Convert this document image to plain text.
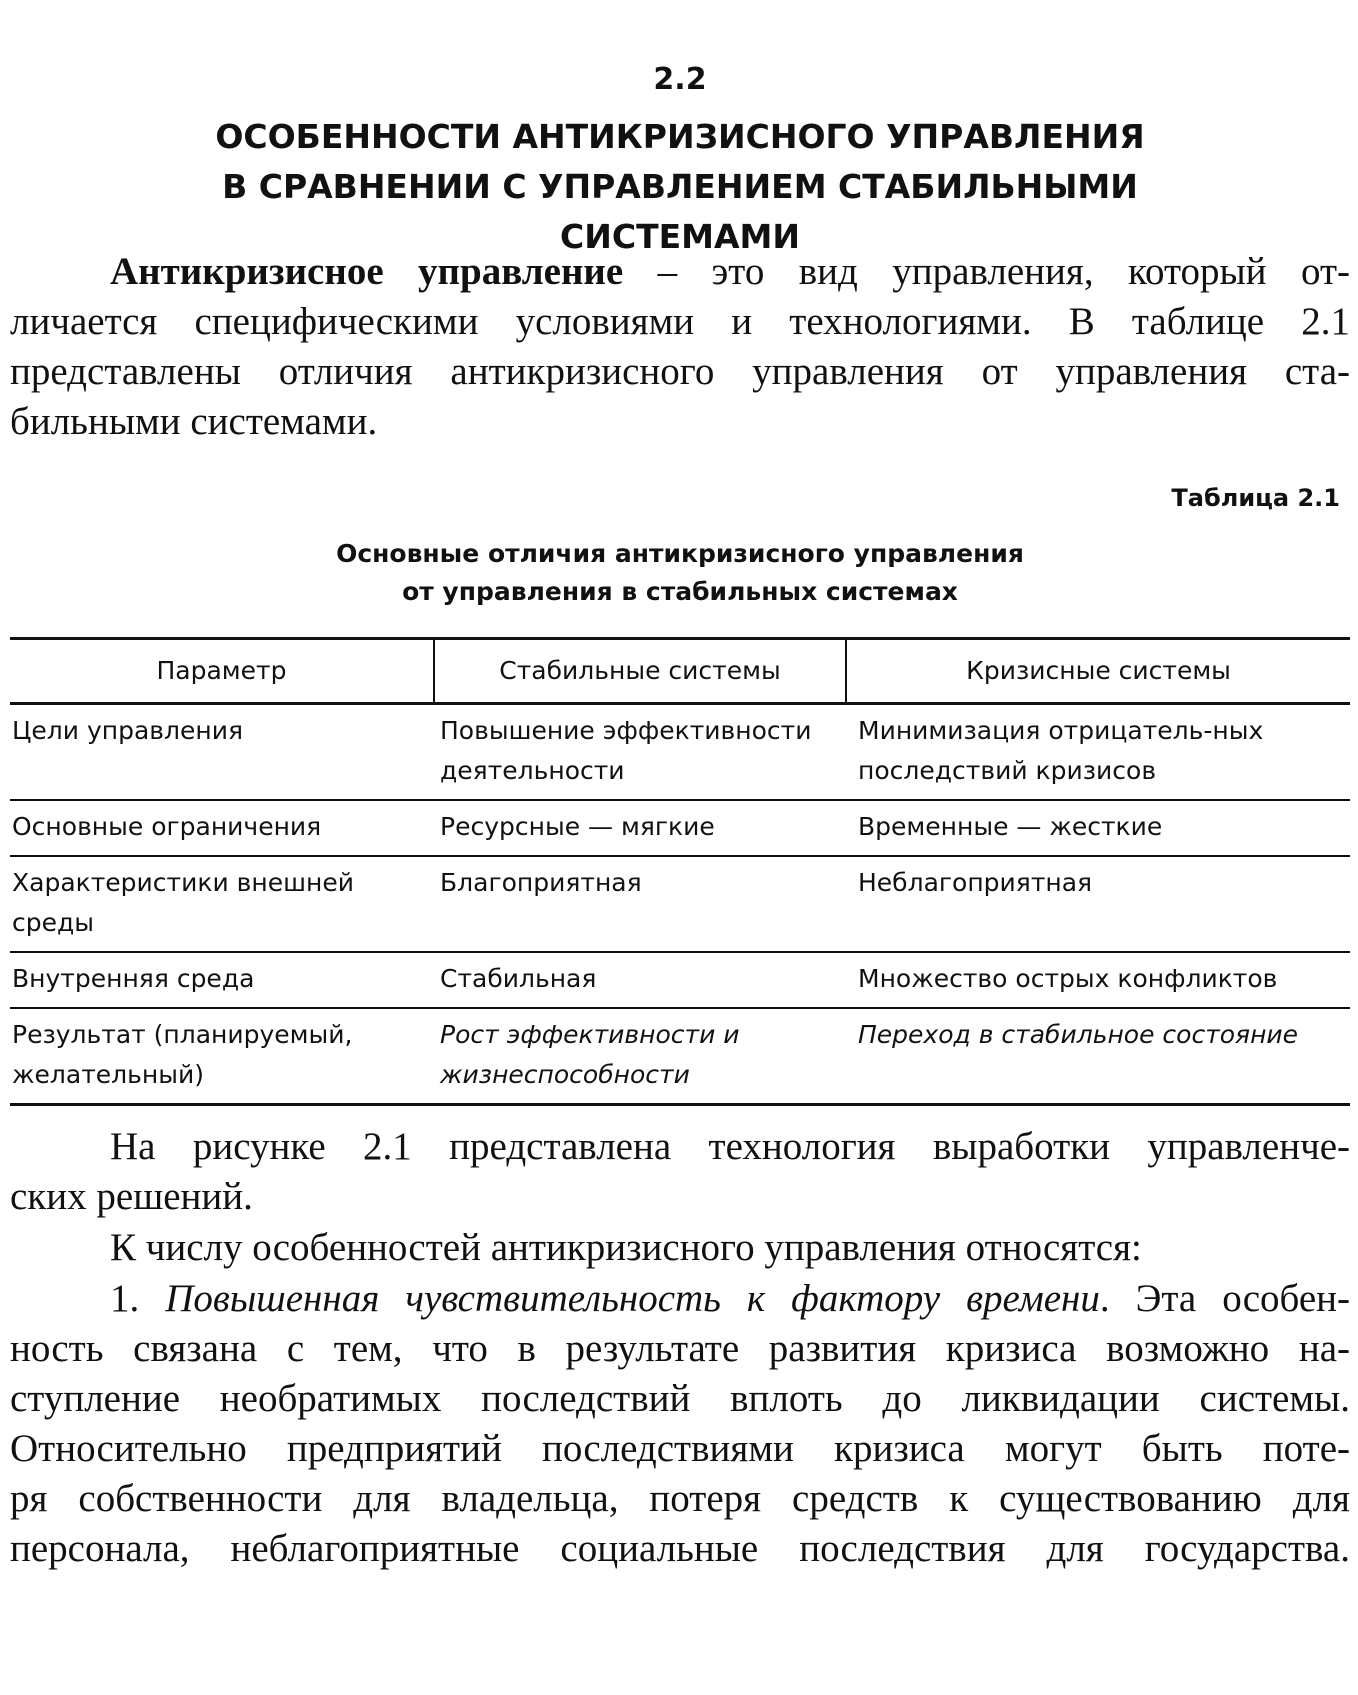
2.2
ОСОБЕННОСТИ АНТИКРИЗИСНОГО УПРАВЛЕНИЯ
В СРАВНЕНИИ С УПРАВЛЕНИЕМ СТАБИЛЬНЫМИ
СИСТЕМАМИ

Антикризисное управление – это вид управления, который от-
личается специфическими условиями и технологиями. В таблице 2.1
представлены отличия антикризисного управления от управления ста-
бильными системами.

Таблица 2.1
Основные отличия антикризисного управления
от управления в стабильных системах
Параметр	Стабильные системы	Кризисные системы
Цели управления	Повышение эффективности деятельности	Минимизация отрицатель-ных последствий кризисов
Основные ограничения	Ресурсные — мягкие	Временные — жесткие
Характеристики внешней среды	Благоприятная	Неблагоприятная
Внутренняя среда	Стабильная	Множество острых конфликтов
Результат (планируемый, желательный)	Рост эффективности и жизнеспособности	Переход в стабильное состояние

На рисунке 2.1 представлена технология выработки управленче-
ских решений.

К числу особенностей антикризисного управления относятся:

1. Повышенная чувствительность к фактору времени. Эта особен-
ность связана с тем, что в результате развития кризиса возможно на-
ступление необратимых последствий вплоть до ликвидации системы.
Относительно предприятий последствиями кризиса могут быть поте-
ря собственности для владельца, потеря средств к существованию для
персонала, неблагоприятные социальные последствия для государства.
